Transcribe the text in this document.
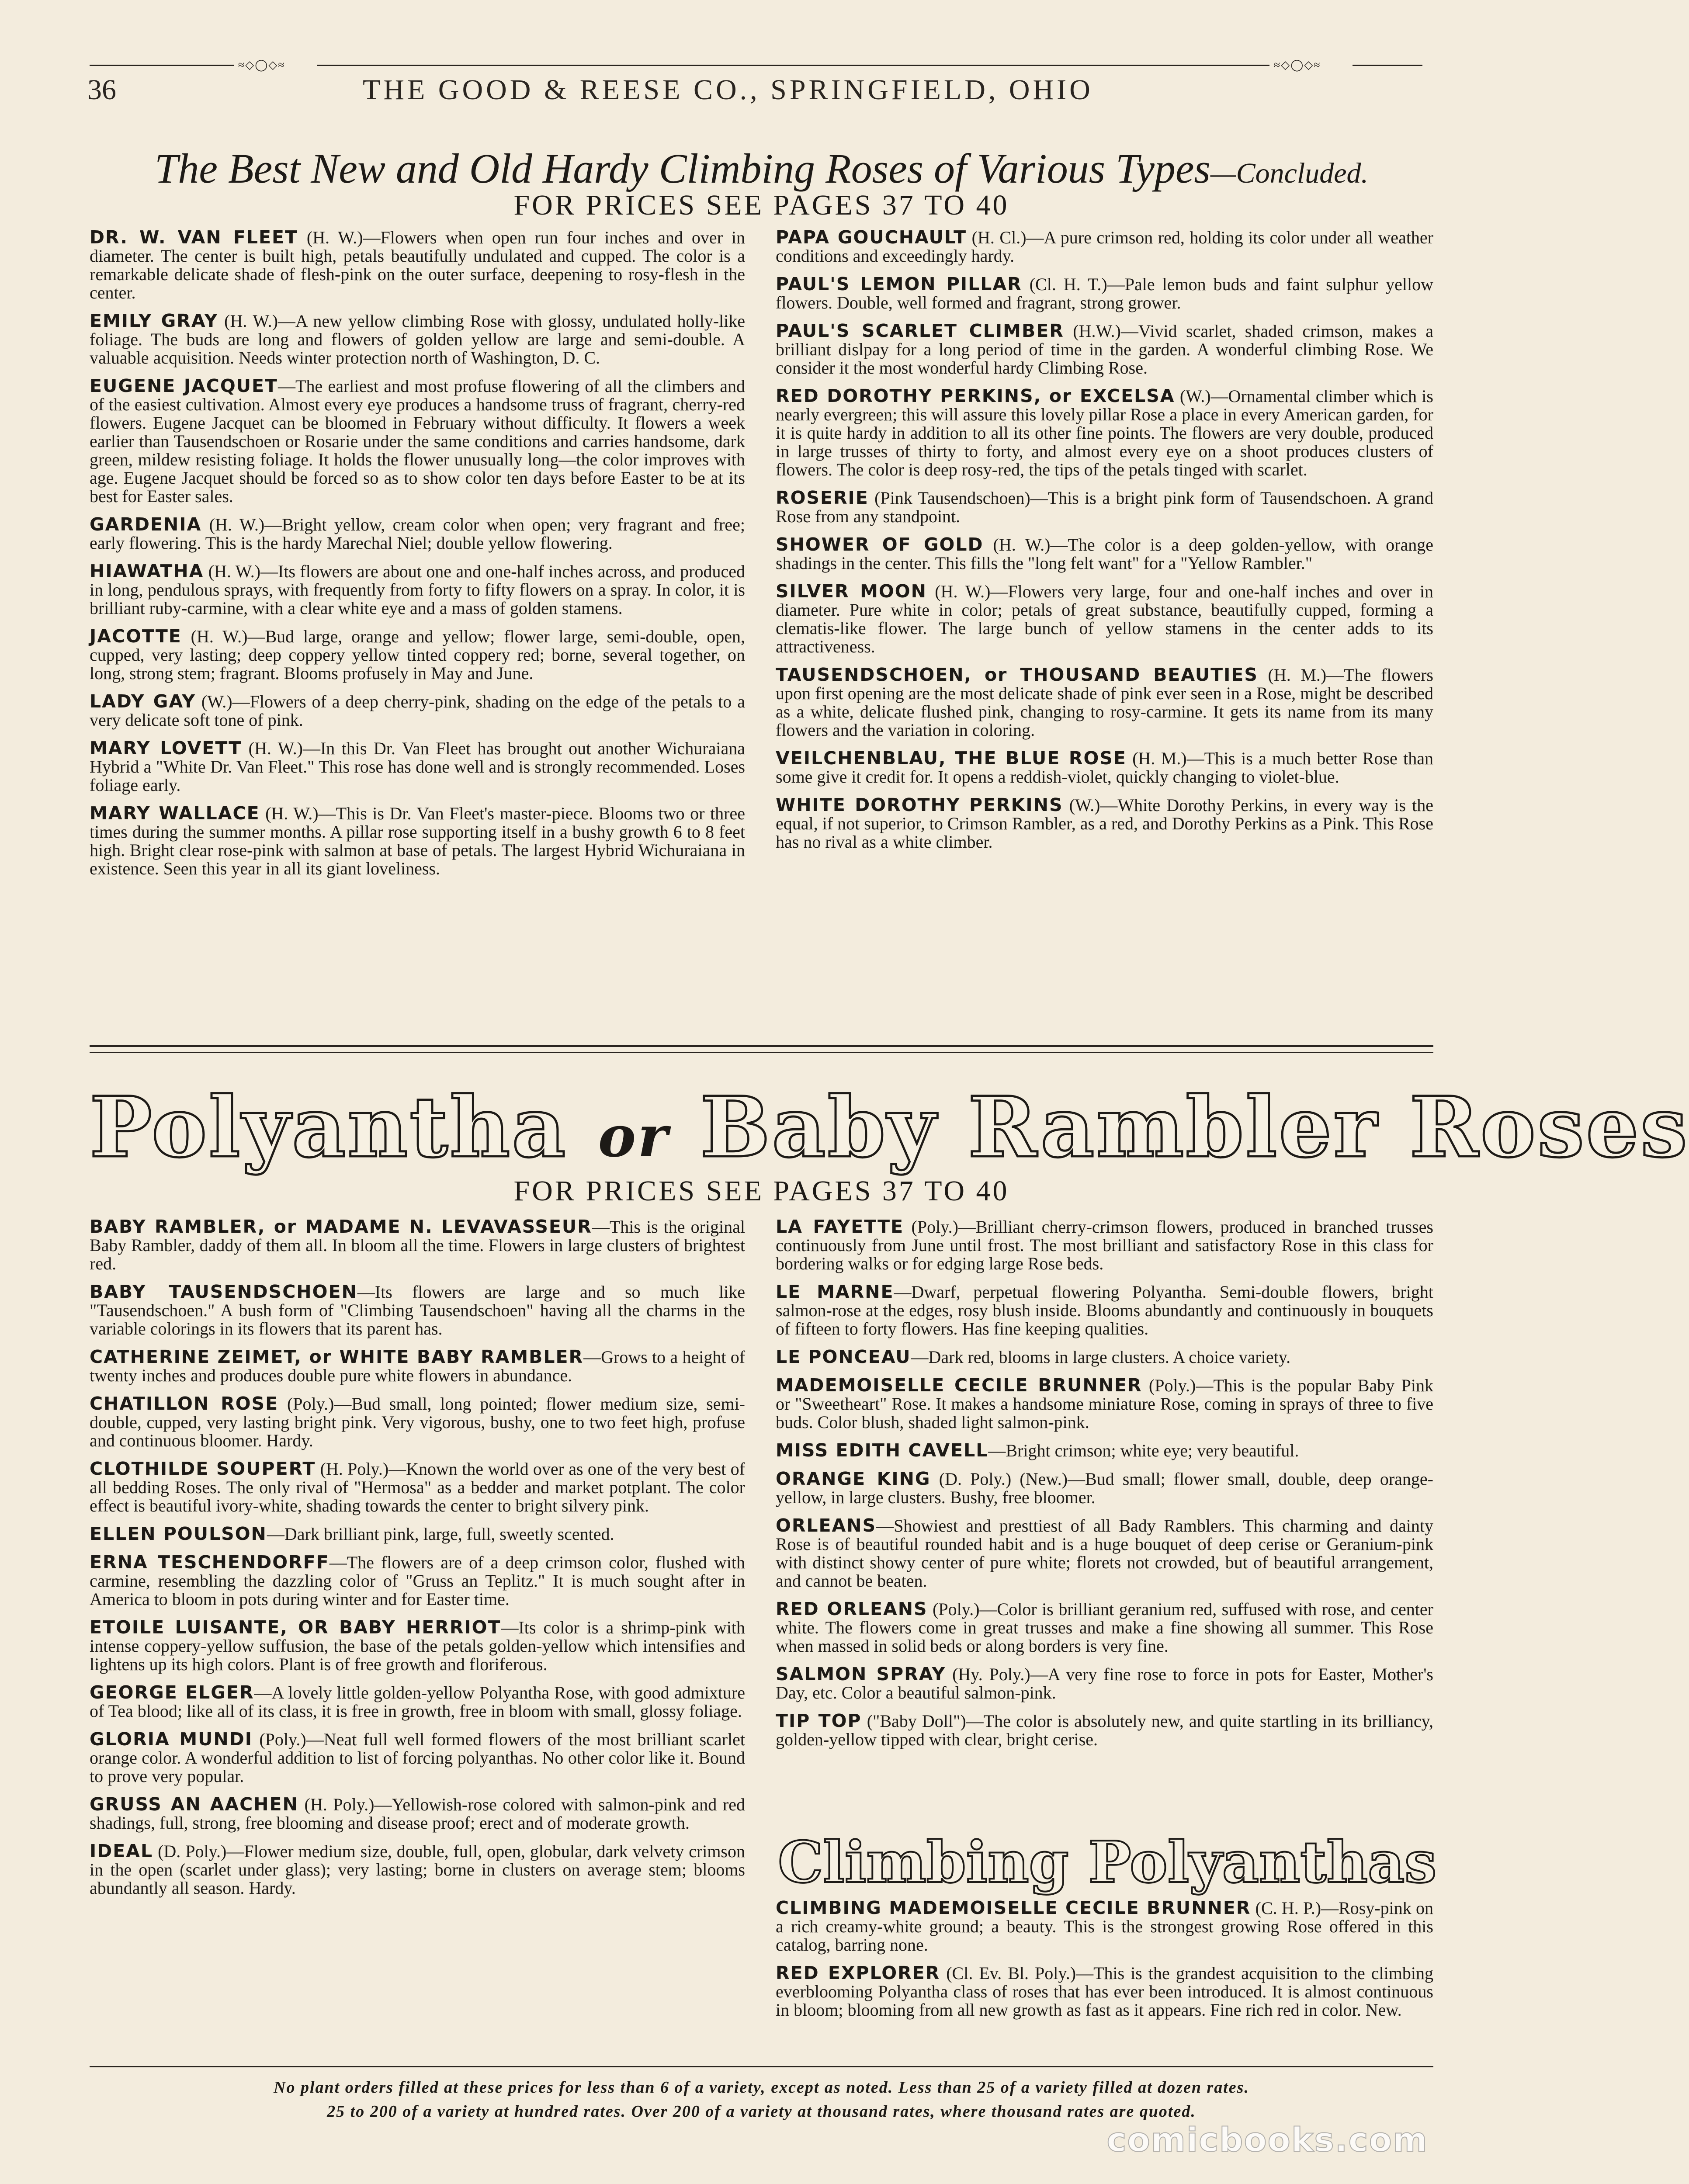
≈◇◯◇≈	≈◇◯◇≈
36	THE GOOD & REESE CO., SPRINGFIELD, OHIO
The Best New and Old Hardy Climbing Roses of Various Types—Concluded.
FOR PRICES SEE PAGES 37 TO 40
DR. W. VAN FLEET (H. W.)—Flowers when open run four inches and over in diameter. The center is built high, petals beautifully undulated and cupped. The color is a remarkable delicate shade of flesh-pink on the outer surface, deepening to rosy-flesh in the center.
EMILY GRAY (H. W.)—A new yellow climbing Rose with glossy, undulated holly-like foliage. The buds are long and flowers of golden yellow are large and semi-double. A valuable acquisition. Needs winter protection north of Washington, D. C.
EUGENE JACQUET—The earliest and most profuse flowering of all the climbers and of the easiest cultivation. Almost every eye produces a handsome truss of fragrant, cherry-red flowers. Eugene Jacquet can be bloomed in February without difficulty. It flowers a week earlier than Tausendschoen or Rosarie under the same conditions and carries handsome, dark green, mildew resisting foliage. It holds the flower unusually long—the color improves with age. Eugene Jacquet should be forced so as to show color ten days before Easter to be at its best for Easter sales.
GARDENIA (H. W.)—Bright yellow, cream color when open; very fragrant and free; early flowering. This is the hardy Marechal Niel; double yellow flowering.
HIAWATHA (H. W.)—Its flowers are about one and one-half inches across, and produced in long, pendulous sprays, with frequently from forty to fifty flowers on a spray. In color, it is brilliant ruby-carmine, with a clear white eye and a mass of golden stamens.
JACOTTE (H. W.)—Bud large, orange and yellow; flower large, semi-double, open, cupped, very lasting; deep coppery yellow tinted coppery red; borne, several together, on long, strong stem; fragrant. Blooms profusely in May and June.
LADY GAY (W.)—Flowers of a deep cherry-pink, shading on the edge of the petals to a very delicate soft tone of pink.
MARY LOVETT (H. W.)—In this Dr. Van Fleet has brought out another Wichuraiana Hybrid a "White Dr. Van Fleet." This rose has done well and is strongly recommended. Loses foliage early.
MARY WALLACE (H. W.)—This is Dr. Van Fleet's master-piece. Blooms two or three times during the summer months. A pillar rose supporting itself in a bushy growth 6 to 8 feet high. Bright clear rose-pink with salmon at base of petals. The largest Hybrid Wichuraiana in existence. Seen this year in all its giant loveliness.
PAPA GOUCHAULT (H. Cl.)—A pure crimson red, holding its color under all weather conditions and exceedingly hardy.
PAUL'S LEMON PILLAR (Cl. H. T.)—Pale lemon buds and faint sulphur yellow flowers. Double, well formed and fragrant, strong grower.
PAUL'S SCARLET CLIMBER (H.W.)—Vivid scarlet, shaded crimson, makes a brilliant dislpay for a long period of time in the garden. A wonderful climbing Rose. We consider it the most wonderful hardy Climbing Rose.
RED DOROTHY PERKINS, or EXCELSA (W.)—Ornamental climber which is nearly evergreen; this will assure this lovely pillar Rose a place in every American garden, for it is quite hardy in addition to all its other fine points. The flowers are very double, produced in large trusses of thirty to forty, and almost every eye on a shoot produces clusters of flowers. The color is deep rosy-red, the tips of the petals tinged with scarlet.
ROSERIE (Pink Tausendschoen)—This is a bright pink form of Tausendschoen. A grand Rose from any standpoint.
SHOWER OF GOLD (H. W.)—The color is a deep golden-yellow, with orange shadings in the center. This fills the "long felt want" for a "Yellow Rambler."
SILVER MOON (H. W.)—Flowers very large, four and one-half inches and over in diameter. Pure white in color; petals of great substance, beautifully cupped, forming a clematis-like flower. The large bunch of yellow stamens in the center adds to its attractiveness.
TAUSENDSCHOEN, or THOUSAND BEAUTIES (H. M.)—The flowers upon first opening are the most delicate shade of pink ever seen in a Rose, might be described as a white, delicate flushed pink, changing to rosy-carmine. It gets its name from its many flowers and the variation in coloring.
VEILCHENBLAU, THE BLUE ROSE (H. M.)—This is a much better Rose than some give it credit for. It opens a reddish-violet, quickly changing to violet-blue.
WHITE DOROTHY PERKINS (W.)—White Dorothy Perkins, in every way is the equal, if not superior, to Crimson Rambler, as a red, and Dorothy Perkins as a Pink. This Rose has no rival as a white climber.
Polyantha or Baby Rambler Roses
FOR PRICES SEE PAGES 37 TO 40
BABY RAMBLER, or MADAME N. LEVAVASSEUR—This is the original Baby Rambler, daddy of them all. In bloom all the time. Flowers in large clusters of brightest red.
BABY TAUSENDSCHOEN—Its flowers are large and so much like "Tausendschoen." A bush form of "Climbing Tausendschoen" having all the charms in the variable colorings in its flowers that its parent has.
CATHERINE ZEIMET, or WHITE BABY RAMBLER—Grows to a height of twenty inches and produces double pure white flowers in abundance.
CHATILLON ROSE (Poly.)—Bud small, long pointed; flower medium size, semi-double, cupped, very lasting bright pink. Very vigorous, bushy, one to two feet high, profuse and continuous bloomer. Hardy.
CLOTHILDE SOUPERT (H. Poly.)—Known the world over as one of the very best of all bedding Roses. The only rival of "Hermosa" as a bedder and market potplant. The color effect is beautiful ivory-white, shading towards the center to bright silvery pink.
ELLEN POULSON—Dark brilliant pink, large, full, sweetly scented.
ERNA TESCHENDORFF—The flowers are of a deep crimson color, flushed with carmine, resembling the dazzling color of "Gruss an Teplitz." It is much sought after in America to bloom in pots during winter and for Easter time.
ETOILE LUISANTE, OR BABY HERRIOT—Its color is a shrimp-pink with intense coppery-yellow suffusion, the base of the petals golden-yellow which intensifies and lightens up its high colors. Plant is of free growth and floriferous.
GEORGE ELGER—A lovely little golden-yellow Polyantha Rose, with good admixture of Tea blood; like all of its class, it is free in growth, free in bloom with small, glossy foliage.
GLORIA MUNDI (Poly.)—Neat full well formed flowers of the most brilliant scarlet orange color. A wonderful addition to list of forcing polyanthas. No other color like it. Bound to prove very popular.
GRUSS AN AACHEN (H. Poly.)—Yellowish-rose colored with salmon-pink and red shadings, full, strong, free blooming and disease proof; erect and of moderate growth.
IDEAL (D. Poly.)—Flower medium size, double, full, open, globular, dark velvety crimson in the open (scarlet under glass); very lasting; borne in clusters on average stem; blooms abundantly all season. Hardy.
LA FAYETTE (Poly.)—Brilliant cherry-crimson flowers, produced in branched trusses continuously from June until frost. The most brilliant and satisfactory Rose in this class for bordering walks or for edging large Rose beds.
LE MARNE—Dwarf, perpetual flowering Polyantha. Semi-double flowers, bright salmon-rose at the edges, rosy blush inside. Blooms abundantly and continuously in bouquets of fifteen to forty flowers. Has fine keeping qualities.
LE PONCEAU—Dark red, blooms in large clusters. A choice variety.
MADEMOISELLE CECILE BRUNNER (Poly.)—This is the popular Baby Pink or "Sweetheart" Rose. It makes a handsome miniature Rose, coming in sprays of three to five buds. Color blush, shaded light salmon-pink.
MISS EDITH CAVELL—Bright crimson; white eye; very beautiful.
ORANGE KING (D. Poly.) (New.)—Bud small; flower small, double, deep orange-yellow, in large clusters. Bushy, free bloomer.
ORLEANS—Showiest and presttiest of all Bady Ramblers. This charming and dainty Rose is of beautiful rounded habit and is a huge bouquet of deep cerise or Geranium-pink with distinct showy center of pure white; florets not crowded, but of beautiful arrangement, and cannot be beaten.
RED ORLEANS (Poly.)—Color is brilliant geranium red, suffused with rose, and center white. The flowers come in great trusses and make a fine showing all summer. This Rose when massed in solid beds or along borders is very fine.
SALMON SPRAY (Hy. Poly.)—A very fine rose to force in pots for Easter, Mother's Day, etc. Color a beautiful salmon-pink.
TIP TOP ("Baby Doll")—The color is absolutely new, and quite startling in its brilliancy, golden-yellow tipped with clear, bright cerise.
Climbing Polyanthas
CLIMBING MADEMOISELLE CECILE BRUNNER (C. H. P.)—Rosy-pink on a rich creamy-white ground; a beauty. This is the strongest growing Rose offered in this catalog, barring none.
RED EXPLORER (Cl. Ev. Bl. Poly.)—This is the grandest acquisition to the climbing everblooming Polyantha class of roses that has ever been introduced. It is almost continuous in bloom; blooming from all new growth as fast as it appears. Fine rich red in color. New.
No plant orders filled at these prices for less than 6 of a variety, except as noted. Less than 25 of a variety filled at dozen rates.
25 to 200 of a variety at hundred rates. Over 200 of a variety at thousand rates, where thousand rates are quoted.
comicbooks.com
